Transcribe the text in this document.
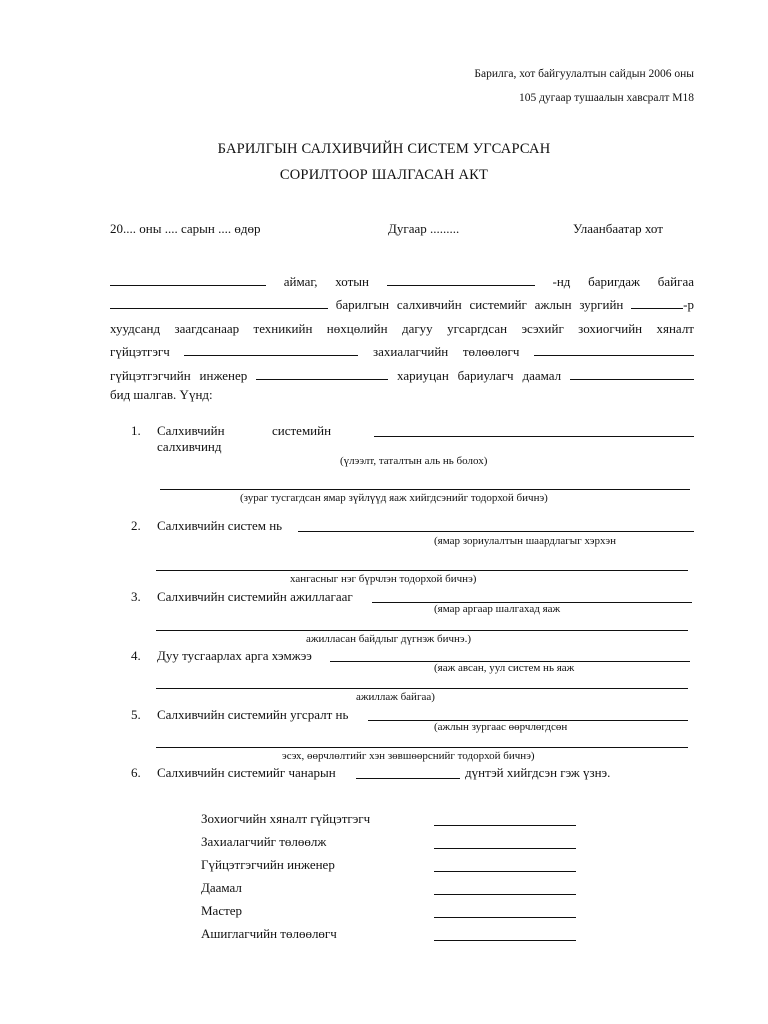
Барилга, хот байгуулалтын сайдын 2006 оны
105 дугаар тушаалын хавсралт М18
БАРИЛГЫН САЛХИВЧИЙН СИСТЕМ УГСАРСАН
СОРИЛТООР ШАЛГАСАН АКТ
20.... оны .... сарын .... өдөр	Дугаар .........	Улаанбаатар хот
аймаг, хотын	-нд баригдаж байгаа
барилгын салхивчийн системийг ажлын зургийн	-р
хуудсанд заагдсанаар техникийн нөхцөлийн дагуу угсаргдсан эсэхийг зохиогчийн хяналт
гүйцэтгэгч	захиалагчийн төлөөлөгч
гүйцэтгэгчийн инженер	хариуцан бариулагч даамал
бид шалгав. Үүнд:
1. Салхивчийн	системийн
салхивчинд
(үлээлт, таталтын аль нь болох)
(зураг тусгагдсан ямар зүйлүүд яаж хийгдсэнийг тодорхой бичнэ)
2. Салхивчийн систем нь
(ямар зориулалтын шаардлагыг хэрхэн
хангасныг нэг бүрчлэн тодорхой бичнэ)
3. Салхивчийн системийн ажиллагааг
(ямар аргаар шалгахад яаж
ажилласан байдлыг дүгнэж бичнэ.)
4. Дуу тусгаарлах арга хэмжээ
(яаж авсан, уул систем нь яаж
ажиллаж байгаа)
5. Салхивчийн системийн угсралт нь
(ажлын зургаас өөрчлөгдсөн
эсэх, өөрчлөлтийг хэн зөвшөөрснийг тодорхой бичнэ)
6. Салхивчийн системийг чанарын	дүнтэй хийгдсэн гэж үзнэ.
Зохиогчийн хяналт гүйцэтгэгч
Захиалагчийг төлөөлж
Гүйцэтгэгчийн инженер
Даамал
Мастер
Ашиглагчийн төлөөлөгч
